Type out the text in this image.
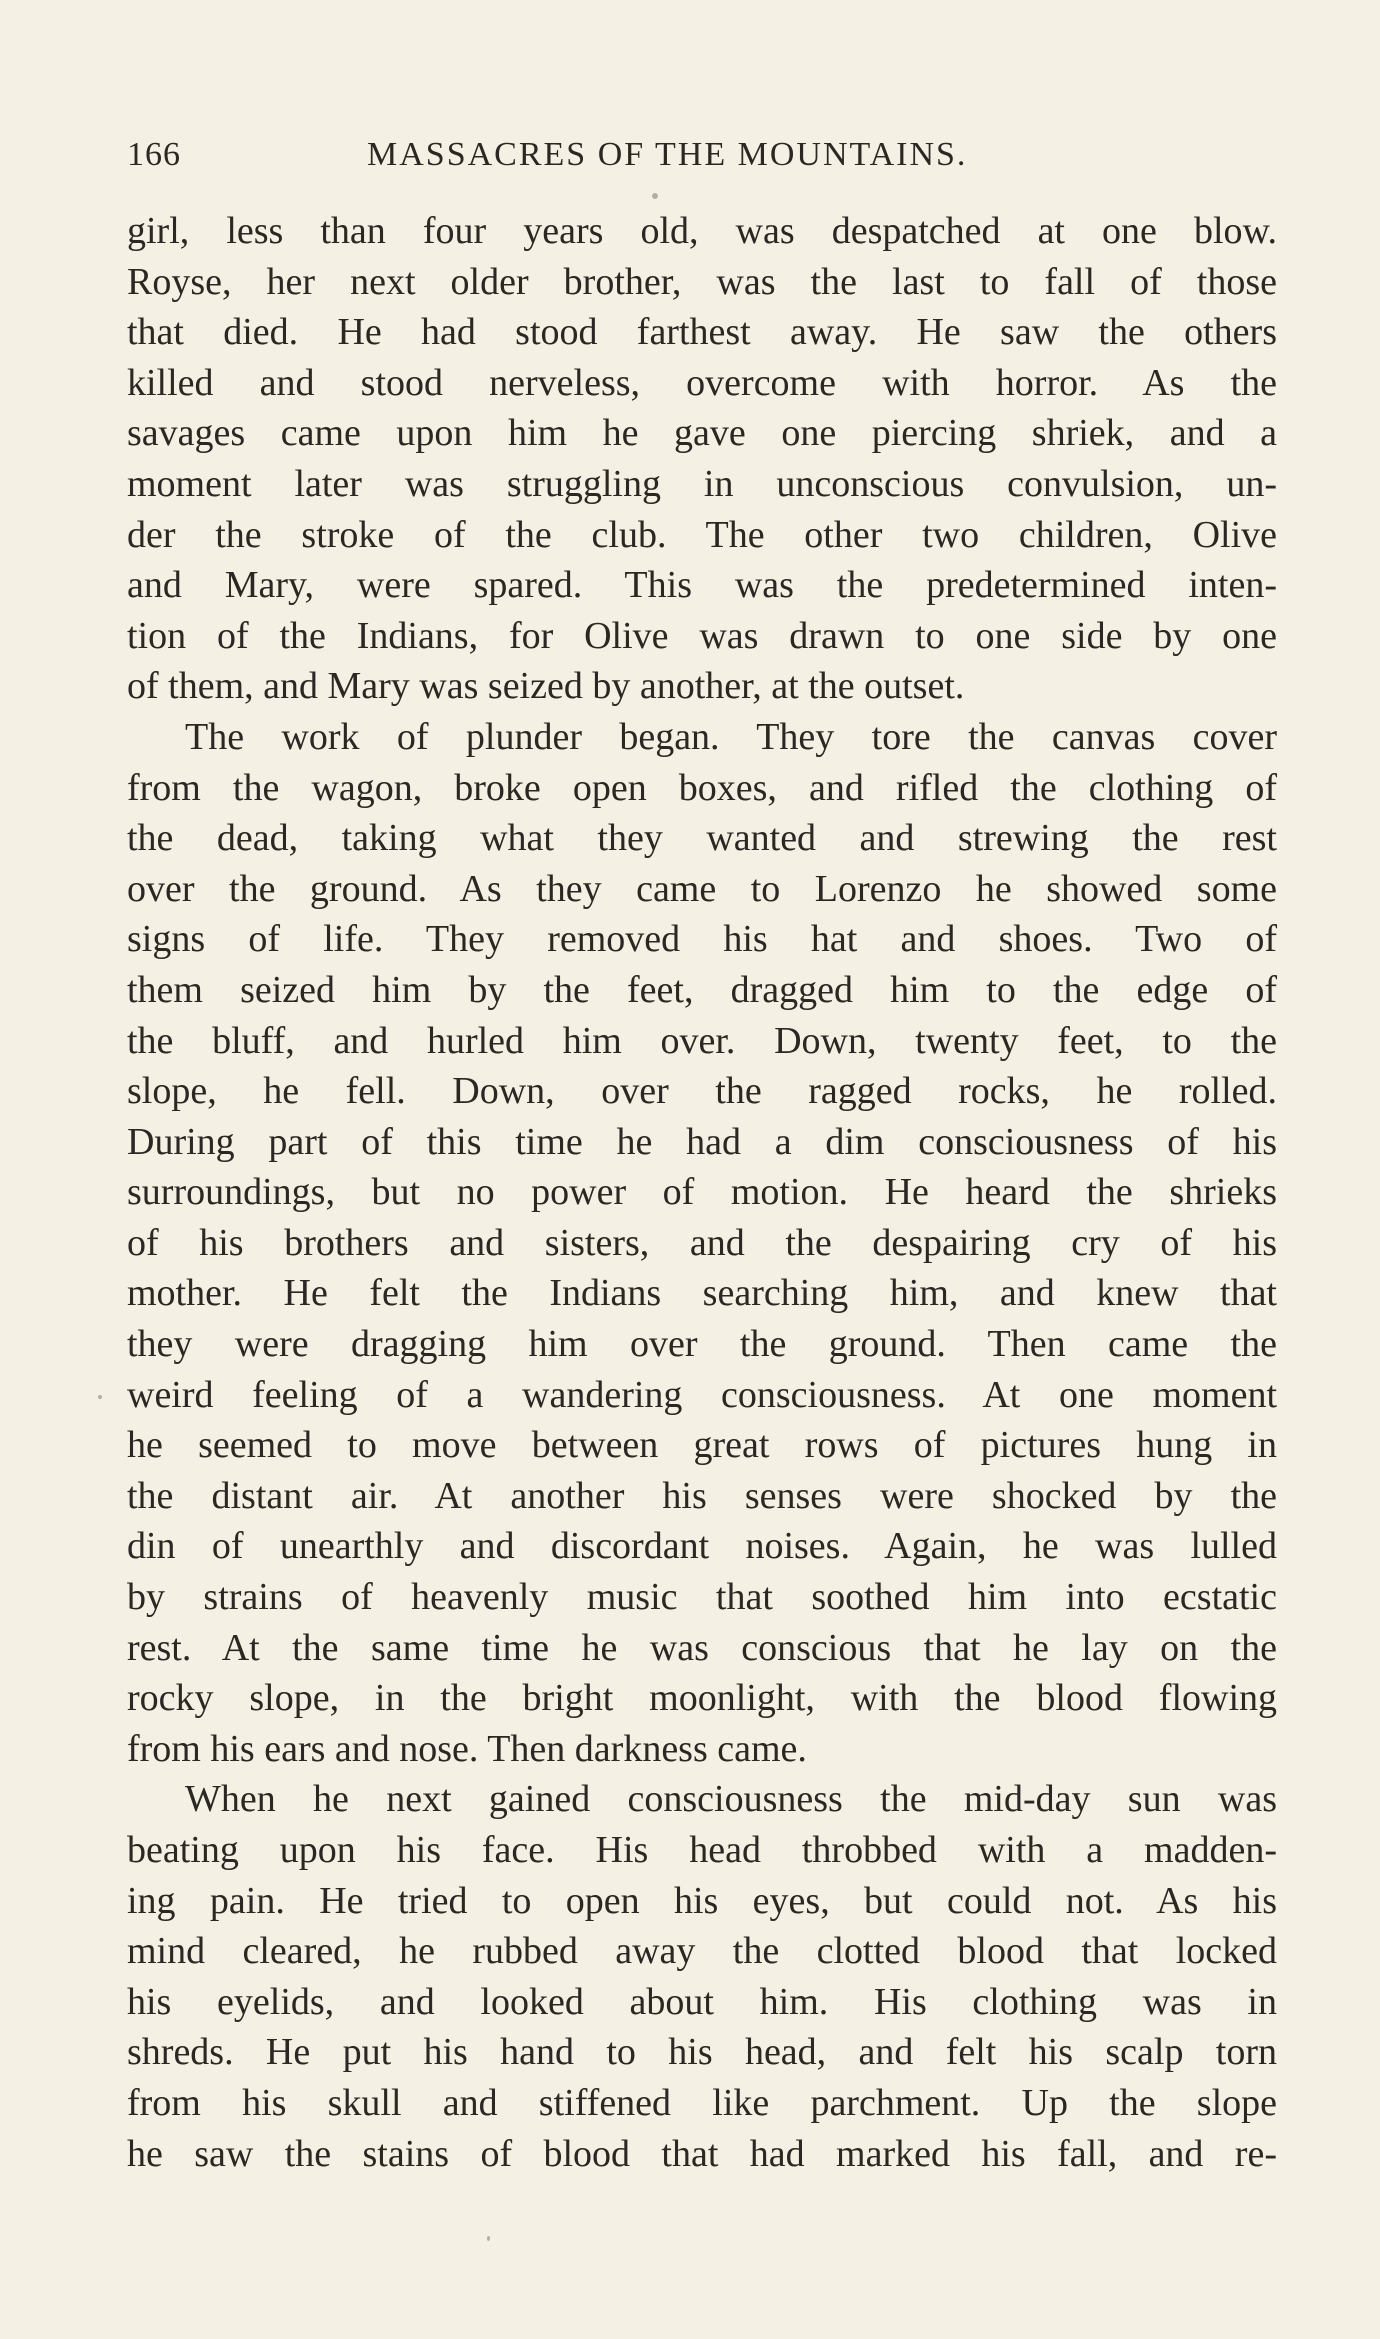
166	MASSACRES OF THE MOUNTAINS.
girl, less than four years old, was despatched at one blow.
Royse, her next older brother, was the last to fall of those
that died. He had stood farthest away. He saw the others
killed and stood nerveless, overcome with horror. As the
savages came upon him he gave one piercing shriek, and a
moment later was struggling in unconscious convulsion, un-
der the stroke of the club. The other two children, Olive
and Mary, were spared. This was the predetermined inten-
tion of the Indians, for Olive was drawn to one side by one
of them, and Mary was seized by another, at the outset.
The work of plunder began. They tore the canvas cover
from the wagon, broke open boxes, and rifled the clothing of
the dead, taking what they wanted and strewing the rest
over the ground. As they came to Lorenzo he showed some
signs of life. They removed his hat and shoes. Two of
them seized him by the feet, dragged him to the edge of
the bluff, and hurled him over. Down, twenty feet, to the
slope, he fell. Down, over the ragged rocks, he rolled.
During part of this time he had a dim consciousness of his
surroundings, but no power of motion. He heard the shrieks
of his brothers and sisters, and the despairing cry of his
mother. He felt the Indians searching him, and knew that
they were dragging him over the ground. Then came the
weird feeling of a wandering consciousness. At one moment
he seemed to move between great rows of pictures hung in
the distant air. At another his senses were shocked by the
din of unearthly and discordant noises. Again, he was lulled
by strains of heavenly music that soothed him into ecstatic
rest. At the same time he was conscious that he lay on the
rocky slope, in the bright moonlight, with the blood flowing
from his ears and nose. Then darkness came.
When he next gained consciousness the mid-day sun was
beating upon his face. His head throbbed with a madden-
ing pain. He tried to open his eyes, but could not. As his
mind cleared, he rubbed away the clotted blood that locked
his eyelids, and looked about him. His clothing was in
shreds. He put his hand to his head, and felt his scalp torn
from his skull and stiffened like parchment. Up the slope
he saw the stains of blood that had marked his fall, and re-
